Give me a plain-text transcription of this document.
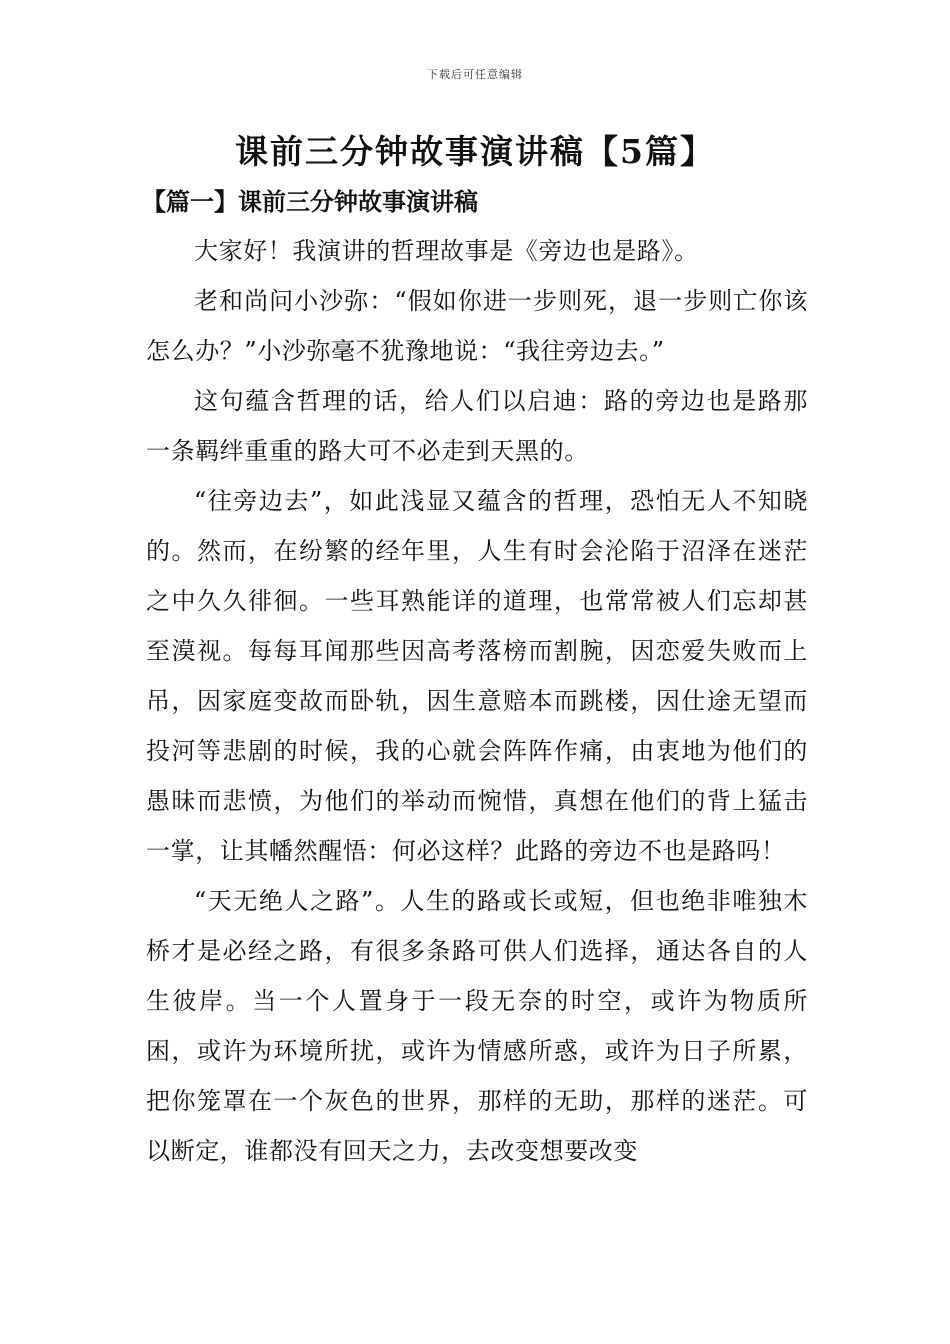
下载后可任意编辑
课前三分钟故事演讲稿【5篇】
【篇一】课前三分钟故事演讲稿

大家好！我演讲的哲理故事是《旁边也是路》。

老和尚问小沙弥：“假如你进一步则死，退一步则亡你该怎么办？”小沙弥毫不犹豫地说：“我往旁边去。”

这句蕴含哲理的话，给人们以启迪：路的旁边也是路那一条羁绊重重的路大可不必走到天黑的。

“往旁边去”，如此浅显又蕴含的哲理，恐怕无人不知晓的。然而，在纷繁的经年里，人生有时会沦陷于沼泽在迷茫之中久久徘徊。一些耳熟能详的道理，也常常被人们忘却甚至漠视。每每耳闻那些因高考落榜而割腕，因恋爱失败而上吊，因家庭变故而卧轨，因生意赔本而跳楼，因仕途无望而投河等悲剧的时候，我的心就会阵阵作痛，由衷地为他们的愚昧而悲愤，为他们的举动而惋惜，真想在他们的背上猛击一掌，让其幡然醒悟：何必这样？此路的旁边不也是路吗！

“天无绝人之路”。人生的路或长或短，但也绝非唯独木桥才是必经之路，有很多条路可供人们选择，通达各自的人生彼岸。当一个人置身于一段无奈的时空，或许为物质所困，或许为环境所扰，或许为情感所惑，或许为日子所累，把你笼罩在一个灰色的世界，那样的无助，那样的迷茫。可以断定，谁都没有回天之力，去改变想要改变
